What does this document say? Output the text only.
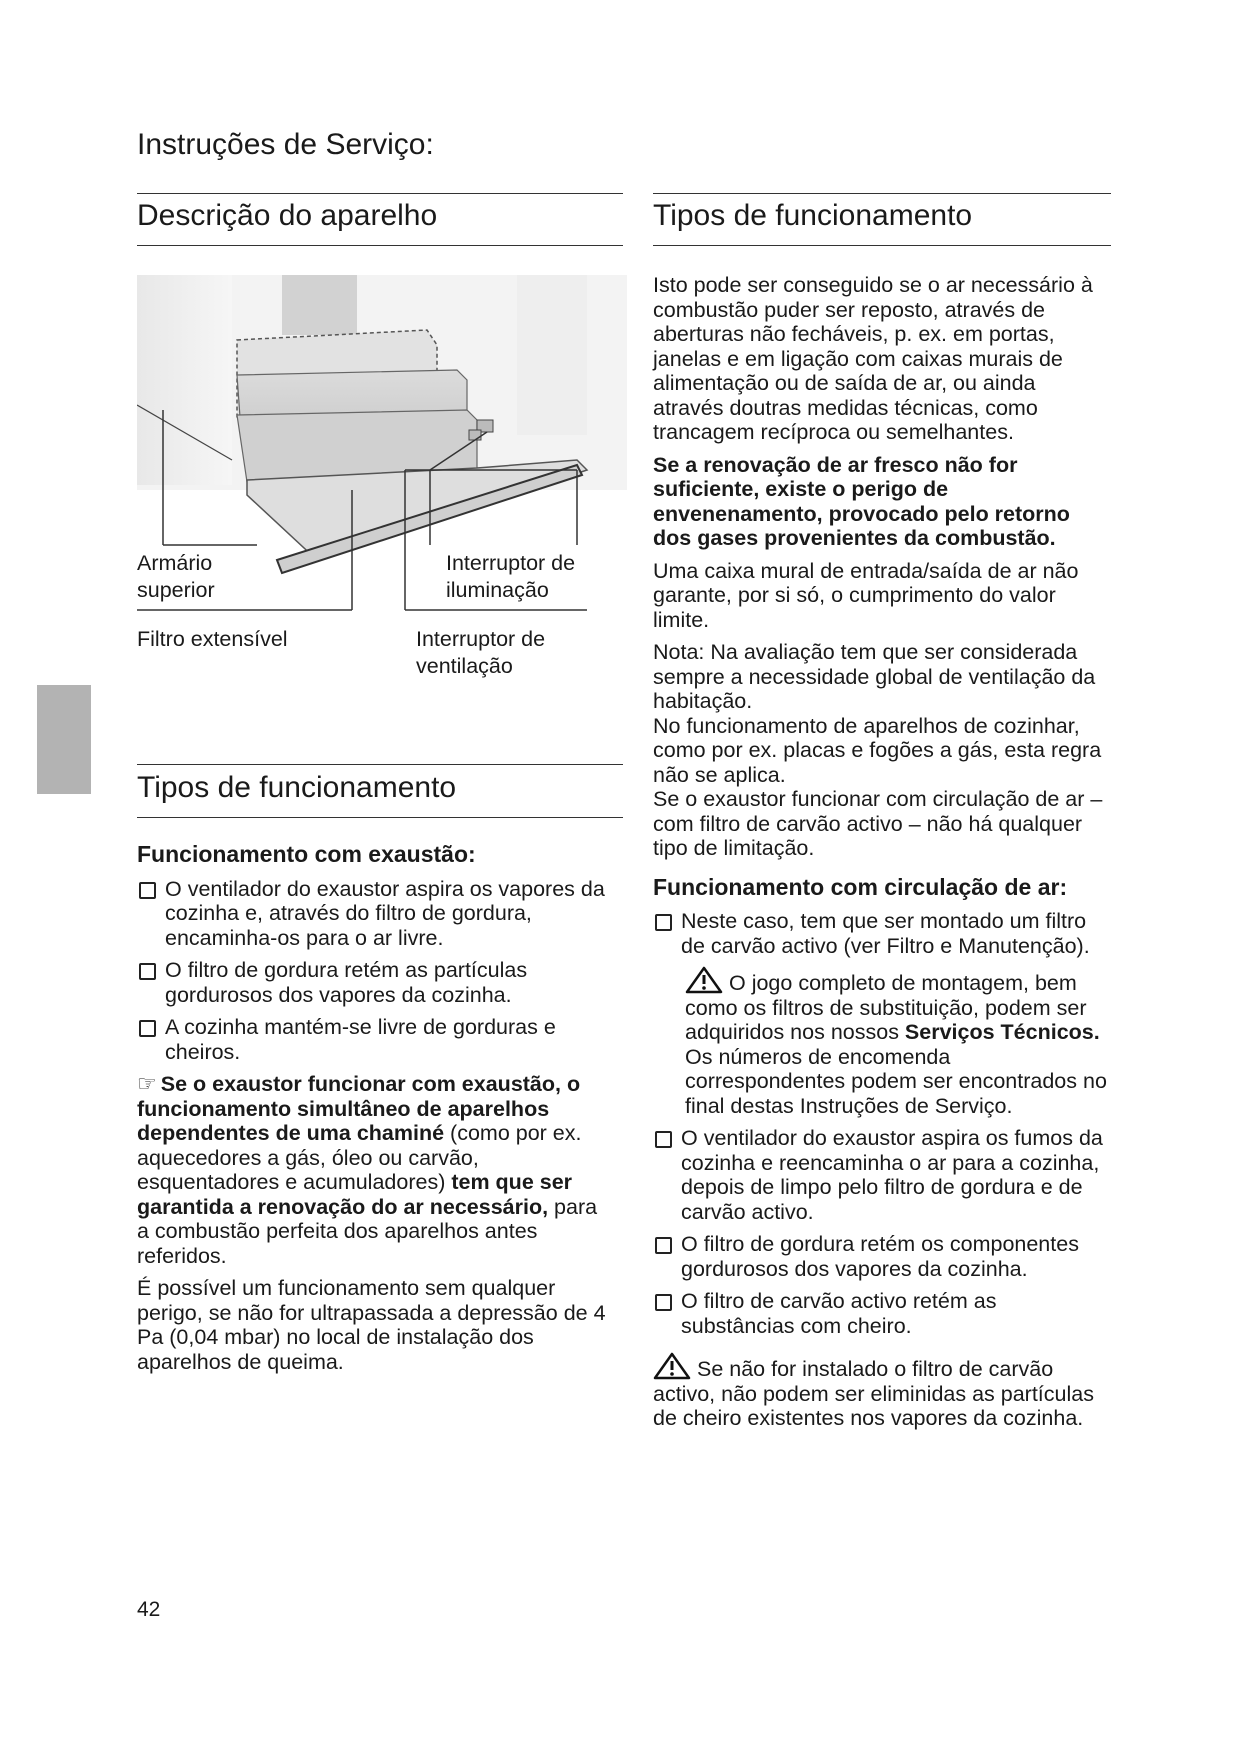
Instruções de Serviço:
Descrição do aparelho
Armário superior
Filtro extensível
Interruptor de iluminação
Interruptor de ventilação
Tipos de funcionamento
Funcionamento com exaustão:
O ventilador do exaustor aspira os vapores da cozinha e, através do filtro de gordura, encaminha-os para o ar livre.
O filtro de gordura retém as partículas gordurosos dos vapores da cozinha.
A cozinha mantém-se livre de gorduras e cheiros.

☞ Se o exaustor funcionar com exaustão, o funcionamento simultâneo de aparelhos dependentes de uma chaminé (como por ex. aquecedores a gás, óleo ou carvão, esquentadores e acumuladores) tem que ser garantida a renovação do ar necessário, para a combustão perfeita dos aparelhos antes referidos.

É possível um funcionamento sem qualquer perigo, se não for ultrapassada a depressão de 4 Pa (0,04 mbar) no local de instalação dos aparelhos de queima.

Tipos de funcionamento

Isto pode ser conseguido se o ar necessário à combustão puder ser reposto, através de aberturas não fecháveis, p. ex. em portas, janelas e em ligação com caixas murais de alimentação ou de saída de ar, ou ainda através doutras medidas técnicas, como trancagem recíproca ou semelhantes.

Se a renovação de ar fresco não for suficiente, existe o perigo de envenenamento, provocado pelo retorno dos gases provenientes da combustão.

Uma caixa mural de entrada/saída de ar não garante, por si só, o cumprimento do valor limite.

Nota: Na avaliação tem que ser considerada sempre a necessidade global de ventilação da habitação.

No funcionamento de aparelhos de cozinhar, como por ex. placas e fogões a gás, esta regra não se aplica.

Se o exaustor funcionar com circulação de ar – com filtro de carvão activo – não há qualquer tipo de limitação.

Funcionamento com circulação de ar:
Neste caso, tem que ser montado um filtro de carvão activo (ver Filtro e Manutenção).
O jogo completo de montagem, bem como os filtros de substituição, podem ser adquiridos nos nossos Serviços Técnicos.
Os números de encomenda correspondentes podem ser encontrados no final destas Instruções de Serviço.
O ventilador do exaustor aspira os fumos da cozinha e reencaminha o ar para a cozinha, depois de limpo pelo filtro de gordura e de carvão activo.
O filtro de gordura retém os componentes gordurosos dos vapores da cozinha.
O filtro de carvão activo retém as substâncias com cheiro.

Se não for instalado o filtro de carvão activo, não podem ser eliminidas as partículas de cheiro existentes nos vapores da cozinha.

42
